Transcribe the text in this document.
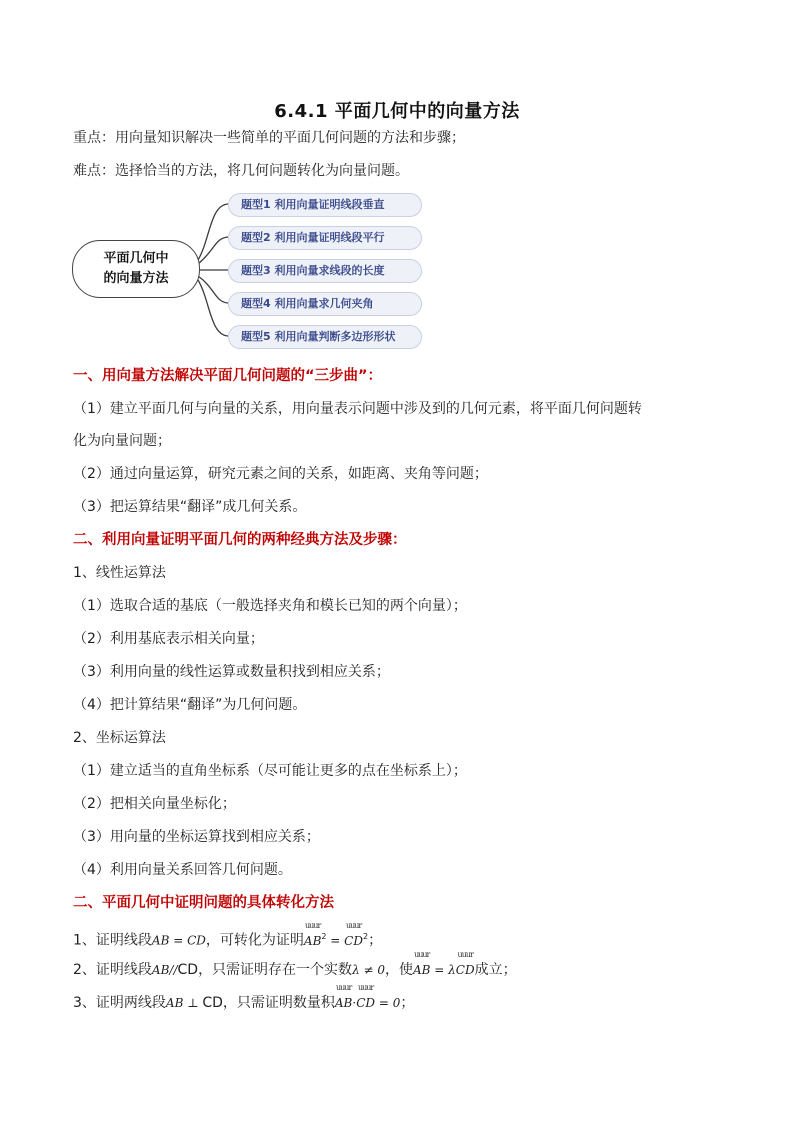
6.4.1 平面几何中的向量方法
重点：用向量知识解决一些简单的平面几何问题的方法和步骤；
难点：选择恰当的方法，将几何问题转化为向量问题。
平面几何中
的向量方法
题型1 利用向量证明线段垂直
题型2 利用向量证明线段平行
题型3 利用向量求线段的长度
题型4 利用向量求几何夹角
题型5 利用向量判断多边形形状
一、用向量方法解决平面几何问题的“三步曲”：
（1）建立平面几何与向量的关系，用向量表示问题中涉及到的几何元素，将平面几何问题转
化为向量问题；
（2）通过向量运算，研究元素之间的关系，如距离、夹角等问题；
（3）把运算结果“翻译”成几何关系。
二、利用向量证明平面几何的两种经典方法及步骤：
1、线性运算法
（1）选取合适的基底（一般选择夹角和模长已知的两个向量）；
（2）利用基底表示相关向量；
（3）利用向量的线性运算或数量积找到相应关系；
（4）把计算结果“翻译”为几何问题。
2、坐标运算法
（1）建立适当的直角坐标系（尽可能让更多的点在坐标系上）；
（2）把相关向量坐标化；
（3）用向量的坐标运算找到相应关系；
（4）利用向量关系回答几何问题。
二、平面几何中证明问题的具体转化方法
1、证明线段AB = CD，可转化为证明
uuur
$AB^2$ =
uuur
$CD^2$；
2、证明线段AB//CD，只需证明存在一个实数λ ≠ 0，使
uuur
AB = λ
uuur
CD成立；
3、证明两线段AB ⊥ CD，只需证明数量积
uuur
AB·
uuur
CD = 0；
